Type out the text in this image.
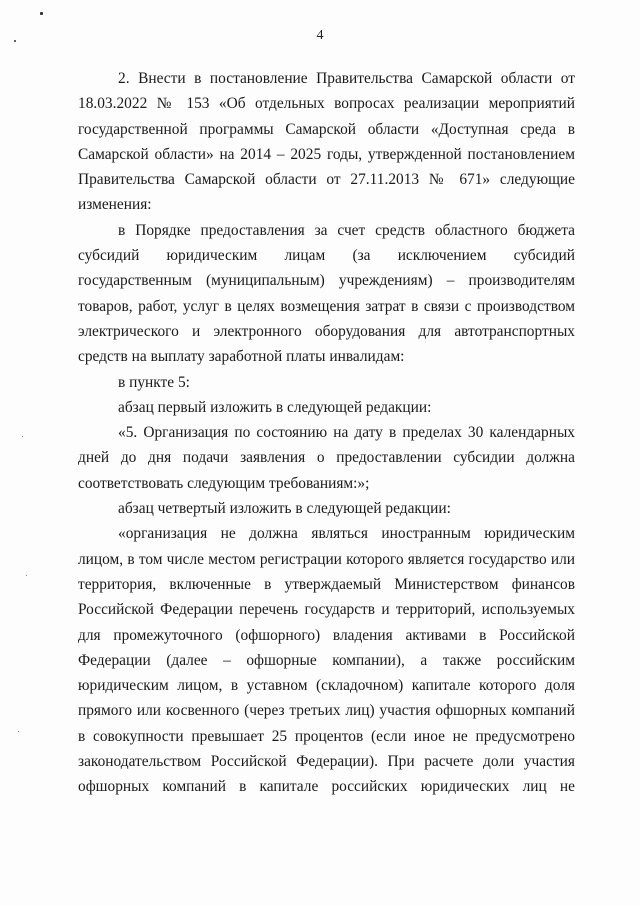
4

2. Внести в постановление Правительства Самарской области от 18.03.2022 № 153 «Об отдельных вопросах реализации мероприятий государственной программы Самарской области «Доступная среда в Самарской области» на 2014 – 2025 годы, утвержденной постановлением Правительства Самарской области от 27.11.2013 № 671» следующие изменения:

в Порядке предоставления за счет средств областного бюджета субсидий юридическим лицам (за исключением субсидий государственным (муниципальным) учреждениям) – производителям товаров, работ, услуг в целях возмещения затрат в связи с производством электрического и электронного оборудования для автотранспортных средств на выплату заработной платы инвалидам:

в пункте 5:

абзац первый изложить в следующей редакции:

«5. Организация по состоянию на дату в пределах 30 календарных дней до дня подачи заявления о предоставлении субсидии должна соответствовать следующим требованиям:»;

абзац четвертый изложить в следующей редакции:

«организация не должна являться иностранным юридическим лицом, в том числе местом регистрации которого является государство или территория, включенные в утверждаемый Министерством финансов Российской Федерации перечень государств и территорий, используемых для промежуточного (офшорного) владения активами в Российской Федерации (далее – офшорные компании), а также российским юридическим лицом, в уставном (складочном) капитале которого доля прямого или косвенного (через третьих лиц) участия офшорных компаний в совокупности превышает 25 процентов (если иное не предусмотрено законодательством Российской Федерации). При расчете доли участия офшорных компаний в капитале российских юридических лиц не
